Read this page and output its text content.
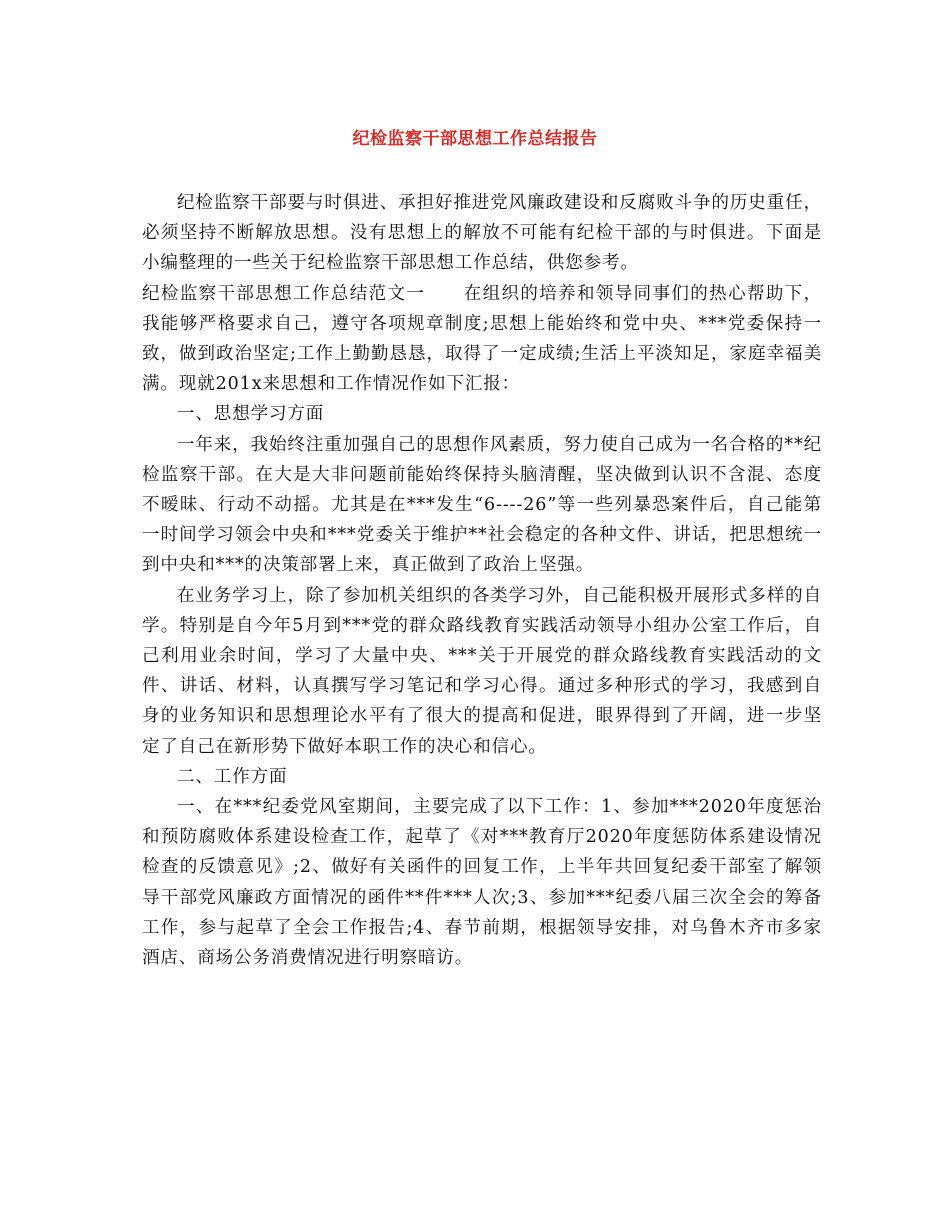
纪检监察干部思想工作总结报告

纪检监察干部要与时俱进、承担好推进党风廉政建设和反腐败斗争的历史重任，必须坚持不断解放思想。没有思想上的解放不可能有纪检干部的与时俱进。下面是小编整理的一些关于纪检监察干部思想工作总结，供您参考。

纪检监察干部思想工作总结范文一 在组织的培养和领导同事们的热心帮助下，我能够严格要求自己，遵守各项规章制度;思想上能始终和党中央、***党委保持一致，做到政治坚定;工作上勤勤恳恳，取得了一定成绩;生活上平淡知足，家庭幸福美满。现就201x来思想和工作情况作如下汇报：

一、思想学习方面

一年来，我始终注重加强自己的思想作风素质，努力使自己成为一名合格的**纪检监察干部。在大是大非问题前能始终保持头脑清醒，坚决做到认识不含混、态度不暧昧、行动不动摇。尤其是在***发生“6----26”等一些列暴恐案件后，自己能第一时间学习领会中央和***党委关于维护**社会稳定的各种文件、讲话，把思想统一到中央和***的决策部署上来，真正做到了政治上坚强。

在业务学习上，除了参加机关组织的各类学习外，自己能积极开展形式多样的自学。特别是自今年5月到***党的群众路线教育实践活动领导小组办公室工作后，自己利用业余时间，学习了大量中央、***关于开展党的群众路线教育实践活动的文件、讲话、材料，认真撰写学习笔记和学习心得。通过多种形式的学习，我感到自身的业务知识和思想理论水平有了很大的提高和促进，眼界得到了开阔，进一步坚定了自己在新形势下做好本职工作的决心和信心。

二、工作方面

一、在***纪委党风室期间，主要完成了以下工作：1、参加***2020年度惩治和预防腐败体系建设检查工作，起草了《对***教育厅2020年度惩防体系建设情况检查的反馈意见》;2、做好有关函件的回复工作，上半年共回复纪委干部室了解领导干部党风廉政方面情况的函件**件***人次;3、参加***纪委八届三次全会的筹备工作，参与起草了全会工作报告;4、春节前期，根据领导安排，对乌鲁木齐市多家酒店、商场公务消费情况进行明察暗访。
